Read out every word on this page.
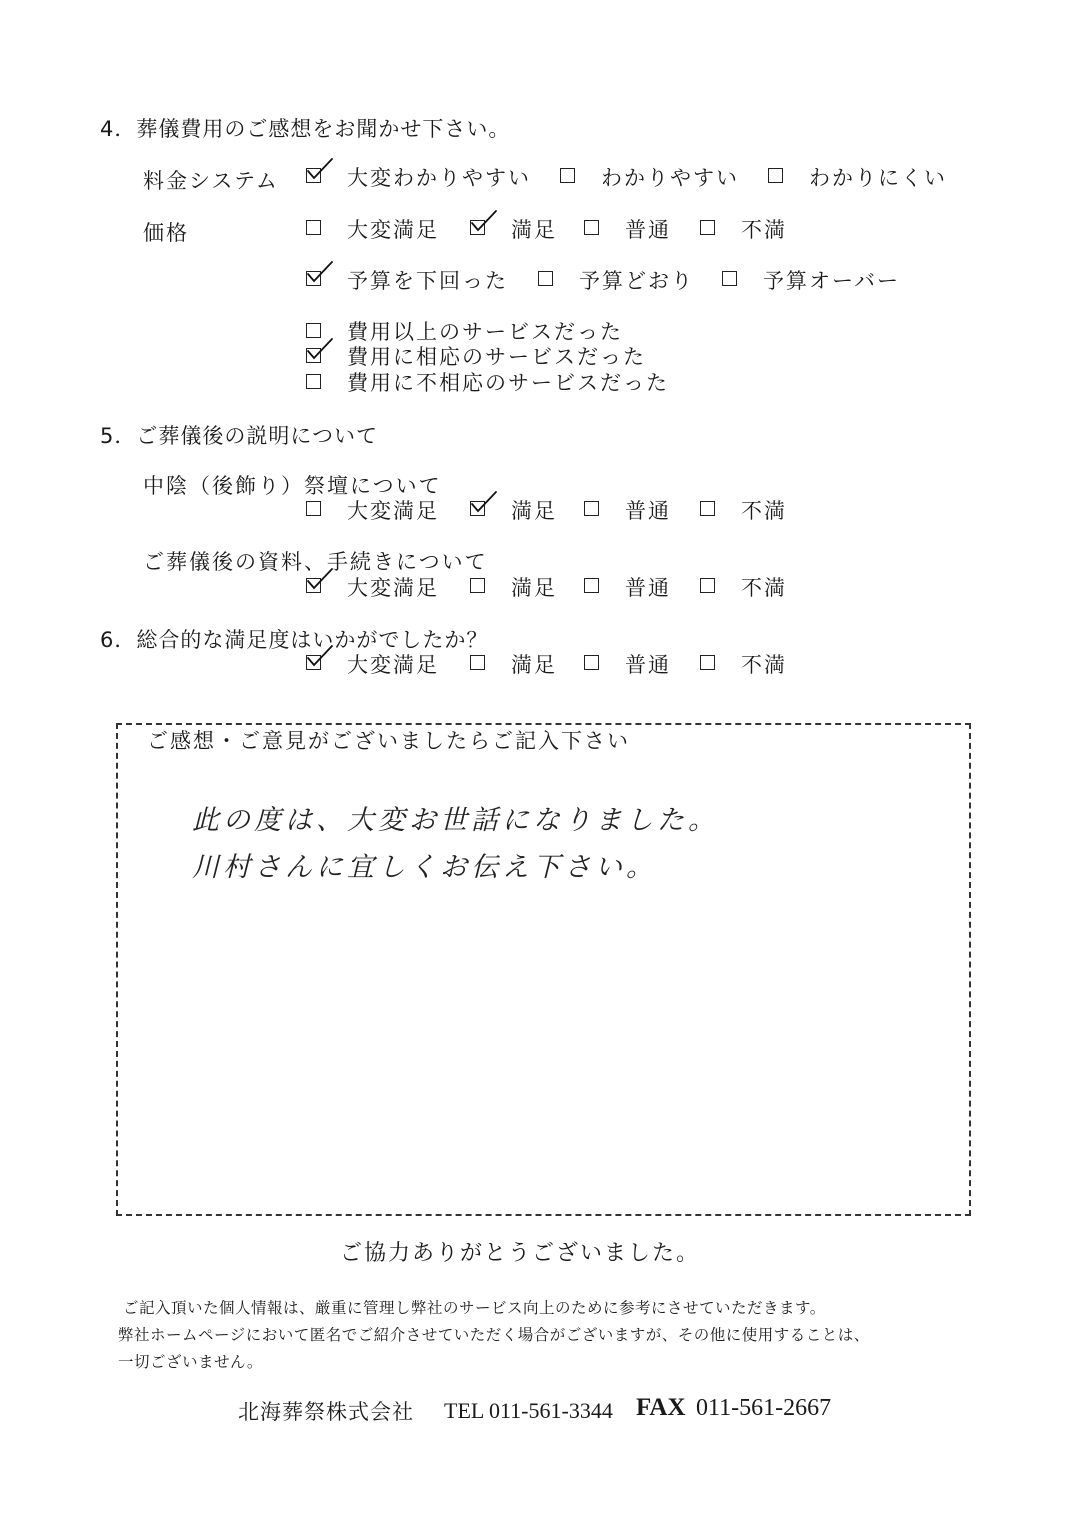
4．葬儀費用のご感想をお聞かせ下さい。
料金システム	大変わかりやすい	わかりやすい	わかりにくい
価格	大変満足	満足	普通	不満
予算を下回った	予算どおり	予算オーバー
費用以上のサービスだった
費用に相応のサービスだった
費用に不相応のサービスだった
5．ご葬儀後の説明について
中陰（後飾り）祭壇について
大変満足	満足	普通	不満
ご葬儀後の資料、手続きについて
大変満足	満足	普通	不満
6．総合的な満足度はいかがでしたか？
大変満足	満足	普通	不満
ご感想・ご意見がございましたらご記入下さい
此の度は、大変お世話になりました。
川村さんに宜しくお伝え下さい。
ご協力ありがとうございました。
ご記入頂いた個人情報は、厳重に管理し弊社のサービス向上のために参考にさせていただきます。
弊社ホームページにおいて匿名でご紹介させていただく場合がございますが、その他に使用することは、
一切ございません。
北海葬祭株式会社 TEL 011-561-3344 FAX 011-561-2667
